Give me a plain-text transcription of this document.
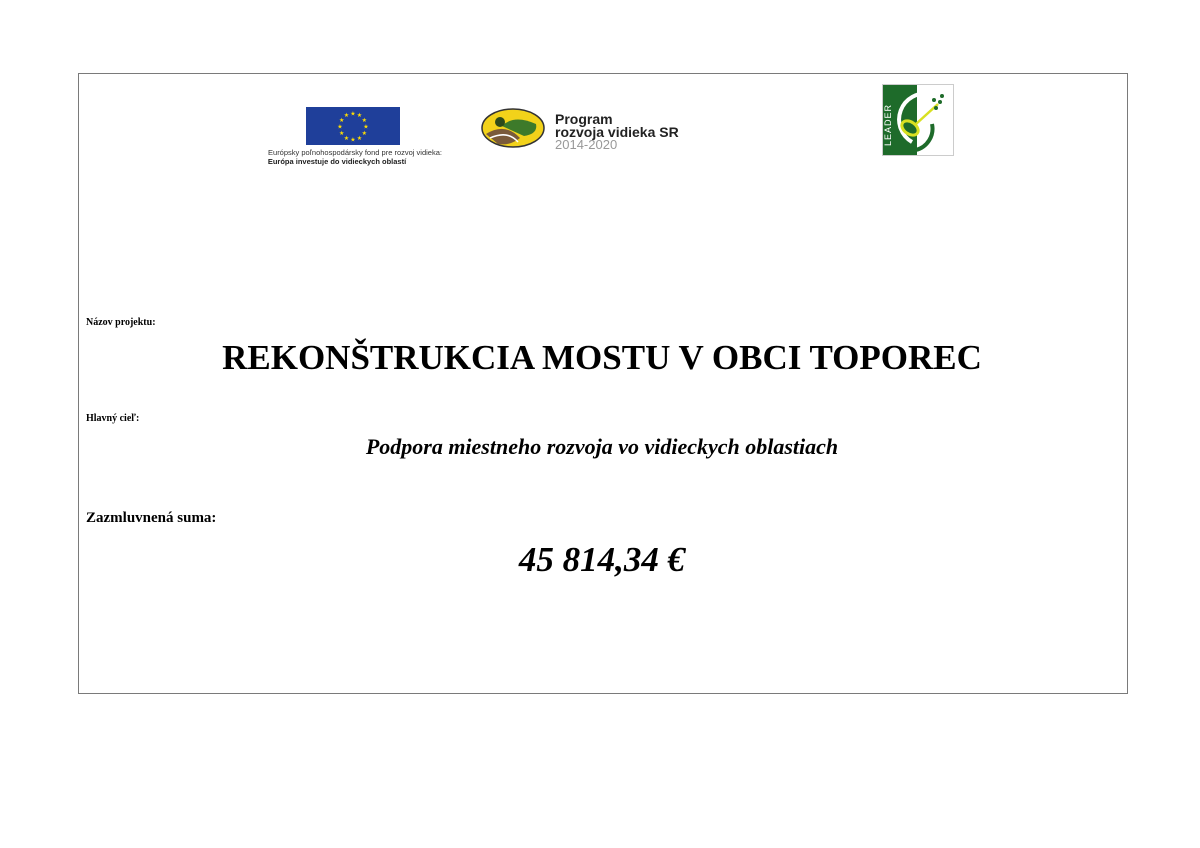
★
★
★
★
★
★
★
★
★ ★ ★
★
Európsky poľnohospodársky fond pre rozvoj vidieka:
Európa investuje do vidieckych oblastí
Program
rozvoja vidieka SR
2014-2020	LEADER
Názov projektu:
REKONŠTRUKCIA MOSTU V OBCI TOPOREC
Hlavný cieľ:
Podpora miestneho rozvoja vo vidieckych oblastiach
Zazmluvnená suma:
45 814,34 €
